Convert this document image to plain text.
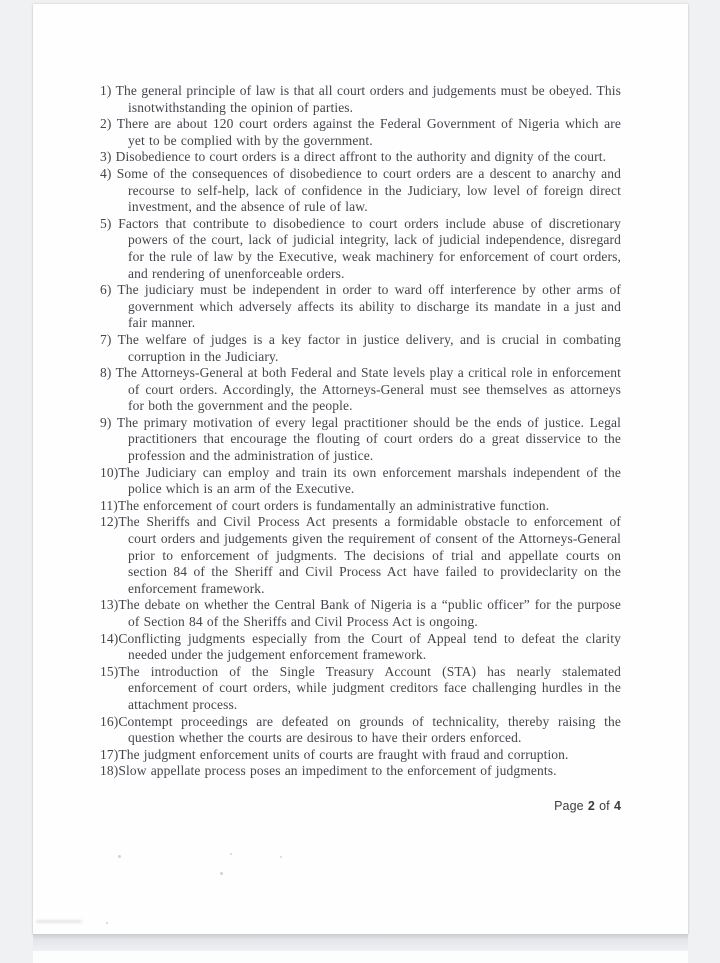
1) The general principle of law is that all court orders and judgements must be obeyed. This isnotwithstanding the opinion of parties.
2) There are about 120 court orders against the Federal Government of Nigeria which are yet to be complied with by the government.
3) Disobedience to court orders is a direct affront to the authority and dignity of the court.
4) Some of the consequences of disobedience to court orders are a descent to anarchy and recourse to self-help, lack of confidence in the Judiciary, low level of foreign direct investment, and the absence of rule of law.
5) Factors that contribute to disobedience to court orders include abuse of discretionary powers of the court, lack of judicial integrity, lack of judicial independence, disregard for the rule of law by the Executive, weak machinery for enforcement of court orders, and rendering of unenforceable orders.
6) The judiciary must be independent in order to ward off interference by other arms of government which adversely affects its ability to discharge its mandate in a just and fair manner.
7) The welfare of judges is a key factor in justice delivery, and is crucial in combating corruption in the Judiciary.
8) The Attorneys-General at both Federal and State levels play a critical role in enforcement of court orders. Accordingly, the Attorneys-General must see themselves as attorneys for both the government and the people.
9) The primary motivation of every legal practitioner should be the ends of justice. Legal practitioners that encourage the flouting of court orders do a great disservice to the profession and the administration of justice.
10)The Judiciary can employ and train its own enforcement marshals independent of the police which is an arm of the Executive.
11)The enforcement of court orders is fundamentally an administrative function.
12)The Sheriffs and Civil Process Act presents a formidable obstacle to enforcement of court orders and judgements given the requirement of consent of the Attorneys-General prior to enforcement of judgments. The decisions of trial and appellate courts on section 84 of the Sheriff and Civil Process Act have failed to provideclarity on the enforcement framework.
13)The debate on whether the Central Bank of Nigeria is a “public officer” for the purpose of Section 84 of the Sheriffs and Civil Process Act is ongoing.
14)Conflicting judgments especially from the Court of Appeal tend to defeat the clarity needed under the judgement enforcement framework.
15)The introduction of the Single Treasury Account (STA) has nearly stalemated enforcement of court orders, while judgment creditors face challenging hurdles in the attachment process.
16)Contempt proceedings are defeated on grounds of technicality, thereby raising the question whether the courts are desirous to have their orders enforced.
17)The judgment enforcement units of courts are fraught with fraud and corruption.
18)Slow appellate process poses an impediment to the enforcement of judgments.
Page 2 of 4
